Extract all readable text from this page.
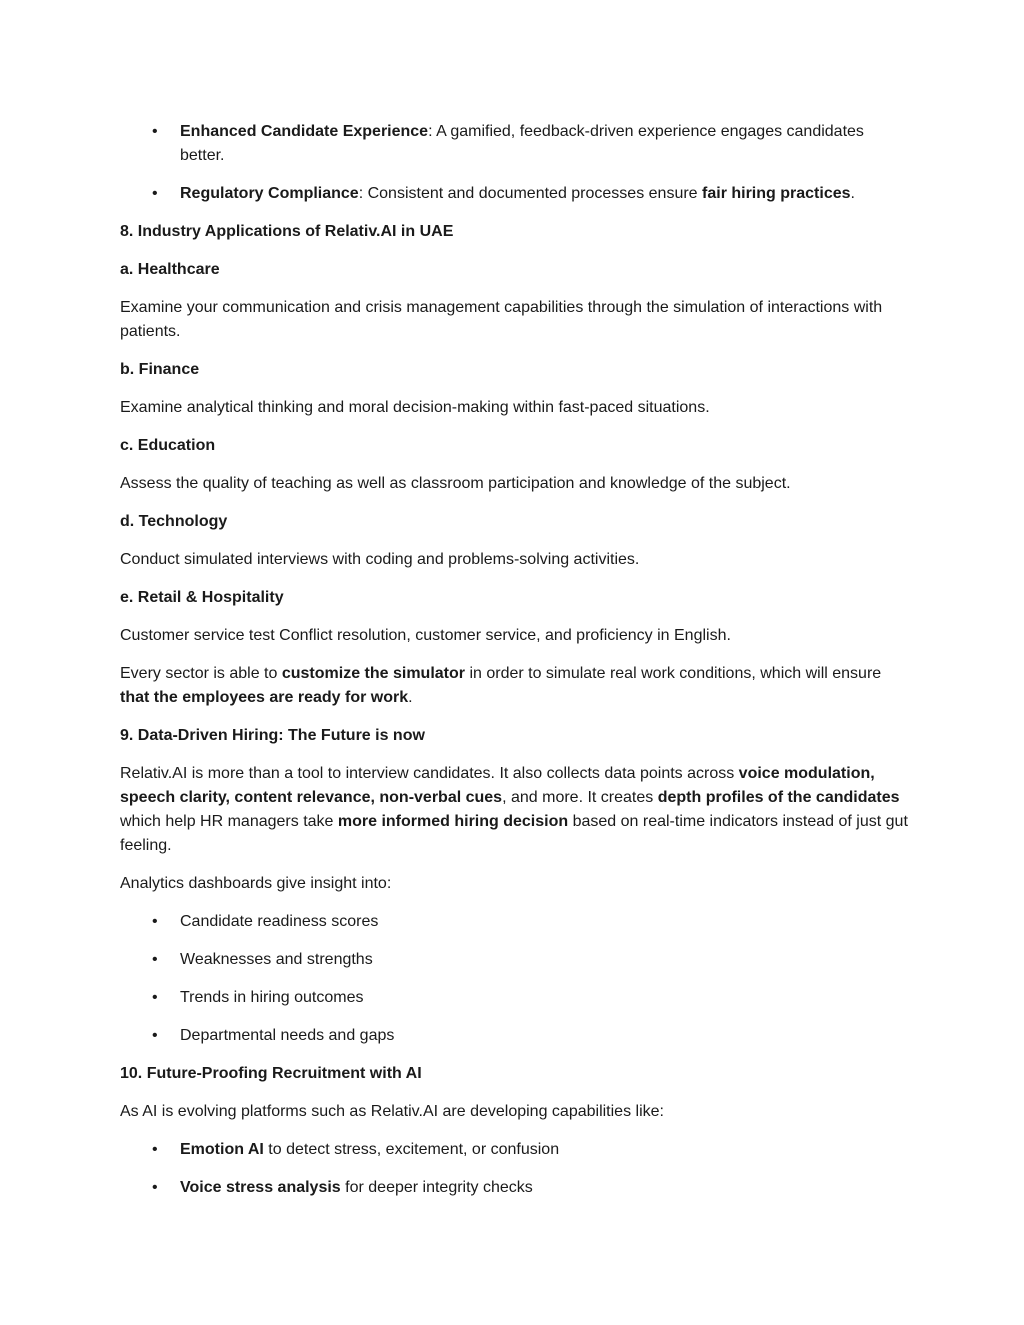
• Enhanced Candidate Experience: A gamified, feedback-driven experience engages candidates better.
• Regulatory Compliance: Consistent and documented processes ensure fair hiring practices.

8. Industry Applications of Relativ.AI in UAE

a. Healthcare

Examine your communication and crisis management capabilities through the simulation of interactions with patients.

b. Finance

Examine analytical thinking and moral decision-making within fast-paced situations.

c. Education

Assess the quality of teaching as well as classroom participation and knowledge of the subject.

d. Technology

Conduct simulated interviews with coding and problems-solving activities.

e. Retail & Hospitality

Customer service test Conflict resolution, customer service, and proficiency in English.

Every sector is able to customize the simulator in order to simulate real work conditions, which will ensure that the employees are ready for work.

9. Data-Driven Hiring: The Future is now

Relativ.AI is more than a tool to interview candidates. It also collects data points across voice modulation, speech clarity, content relevance, non-verbal cues, and more. It creates depth profiles of the candidates which help HR managers take more informed hiring decision based on real-time indicators instead of just gut feeling.

Analytics dashboards give insight into:

• Candidate readiness scores
• Weaknesses and strengths
• Trends in hiring outcomes
• Departmental needs and gaps

10. Future-Proofing Recruitment with AI

As AI is evolving platforms such as Relativ.AI are developing capabilities like:

• Emotion AI to detect stress, excitement, or confusion
• Voice stress analysis for deeper integrity checks
